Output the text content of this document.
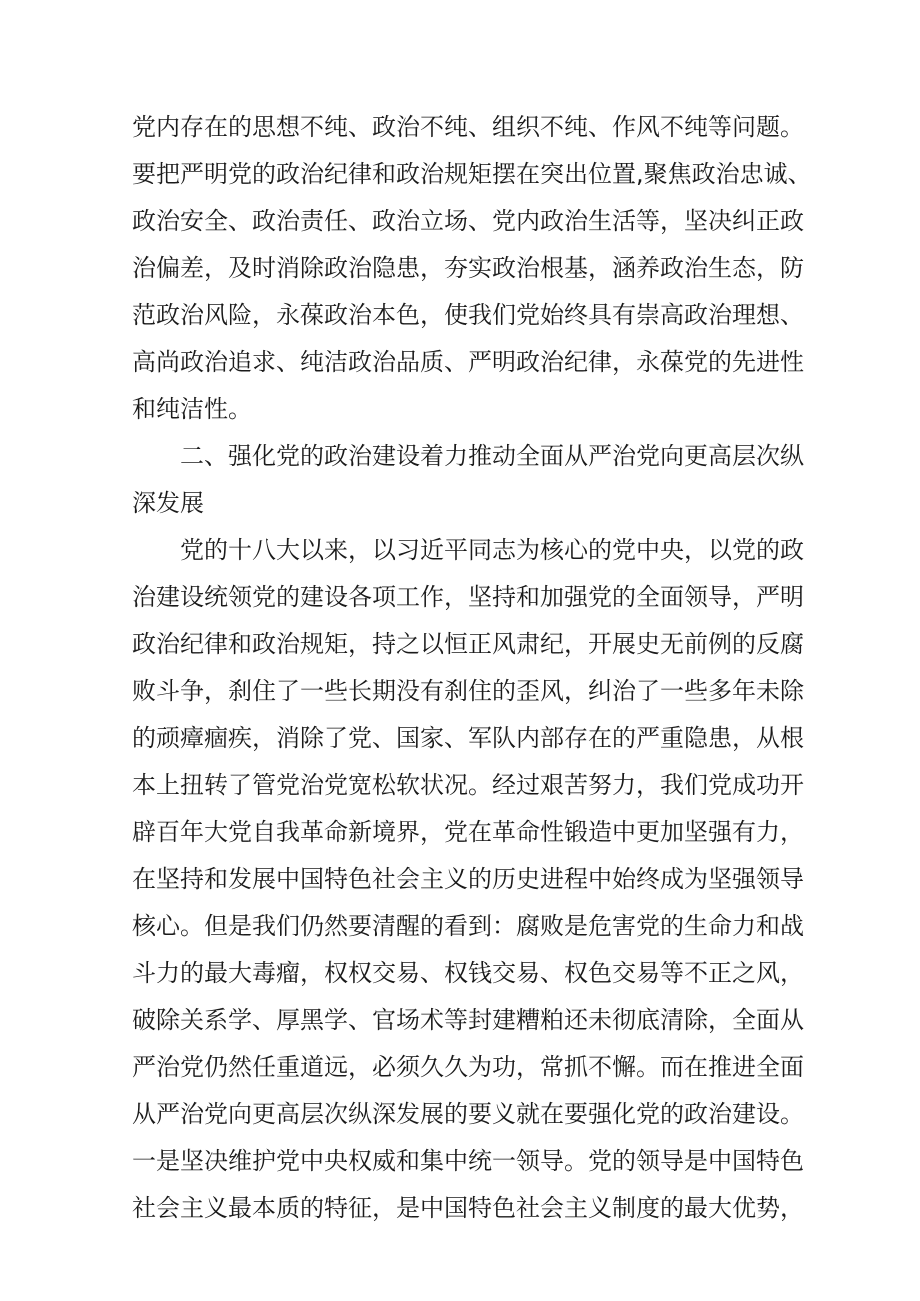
党内存在的思想不纯、政治不纯、组织不纯、作风不纯等问题。
要把严明党的政治纪律和政治规矩摆在突出位置,聚焦政治忠诚、
政治安全、政治责任、政治立场、党内政治生活等，坚决纠正政
治偏差，及时消除政治隐患，夯实政治根基，涵养政治生态，防
范政治风险，永葆政治本色，使我们党始终具有崇高政治理想、
高尚政治追求、纯洁政治品质、严明政治纪律，永葆党的先进性
和纯洁性。
二、强化党的政治建设着力推动全面从严治党向更高层次纵
深发展
党的十八大以来，以习近平同志为核心的党中央，以党的政
治建设统领党的建设各项工作，坚持和加强党的全面领导，严明
政治纪律和政治规矩，持之以恒正风肃纪，开展史无前例的反腐
败斗争，刹住了一些长期没有刹住的歪风，纠治了一些多年未除
的顽瘴痼疾，消除了党、国家、军队内部存在的严重隐患，从根
本上扭转了管党治党宽松软状况。经过艰苦努力，我们党成功开
辟百年大党自我革命新境界，党在革命性锻造中更加坚强有力，
在坚持和发展中国特色社会主义的历史进程中始终成为坚强领导
核心。但是我们仍然要清醒的看到：腐败是危害党的生命力和战
斗力的最大毒瘤，权权交易、权钱交易、权色交易等不正之风，
破除关系学、厚黑学、官场术等封建糟粕还未彻底清除，全面从
严治党仍然任重道远，必须久久为功，常抓不懈。而在推进全面
从严治党向更高层次纵深发展的要义就在要强化党的政治建设。
一是坚决维护党中央权威和集中统一领导。党的领导是中国特色
社会主义最本质的特征，是中国特色社会主义制度的最大优势，
